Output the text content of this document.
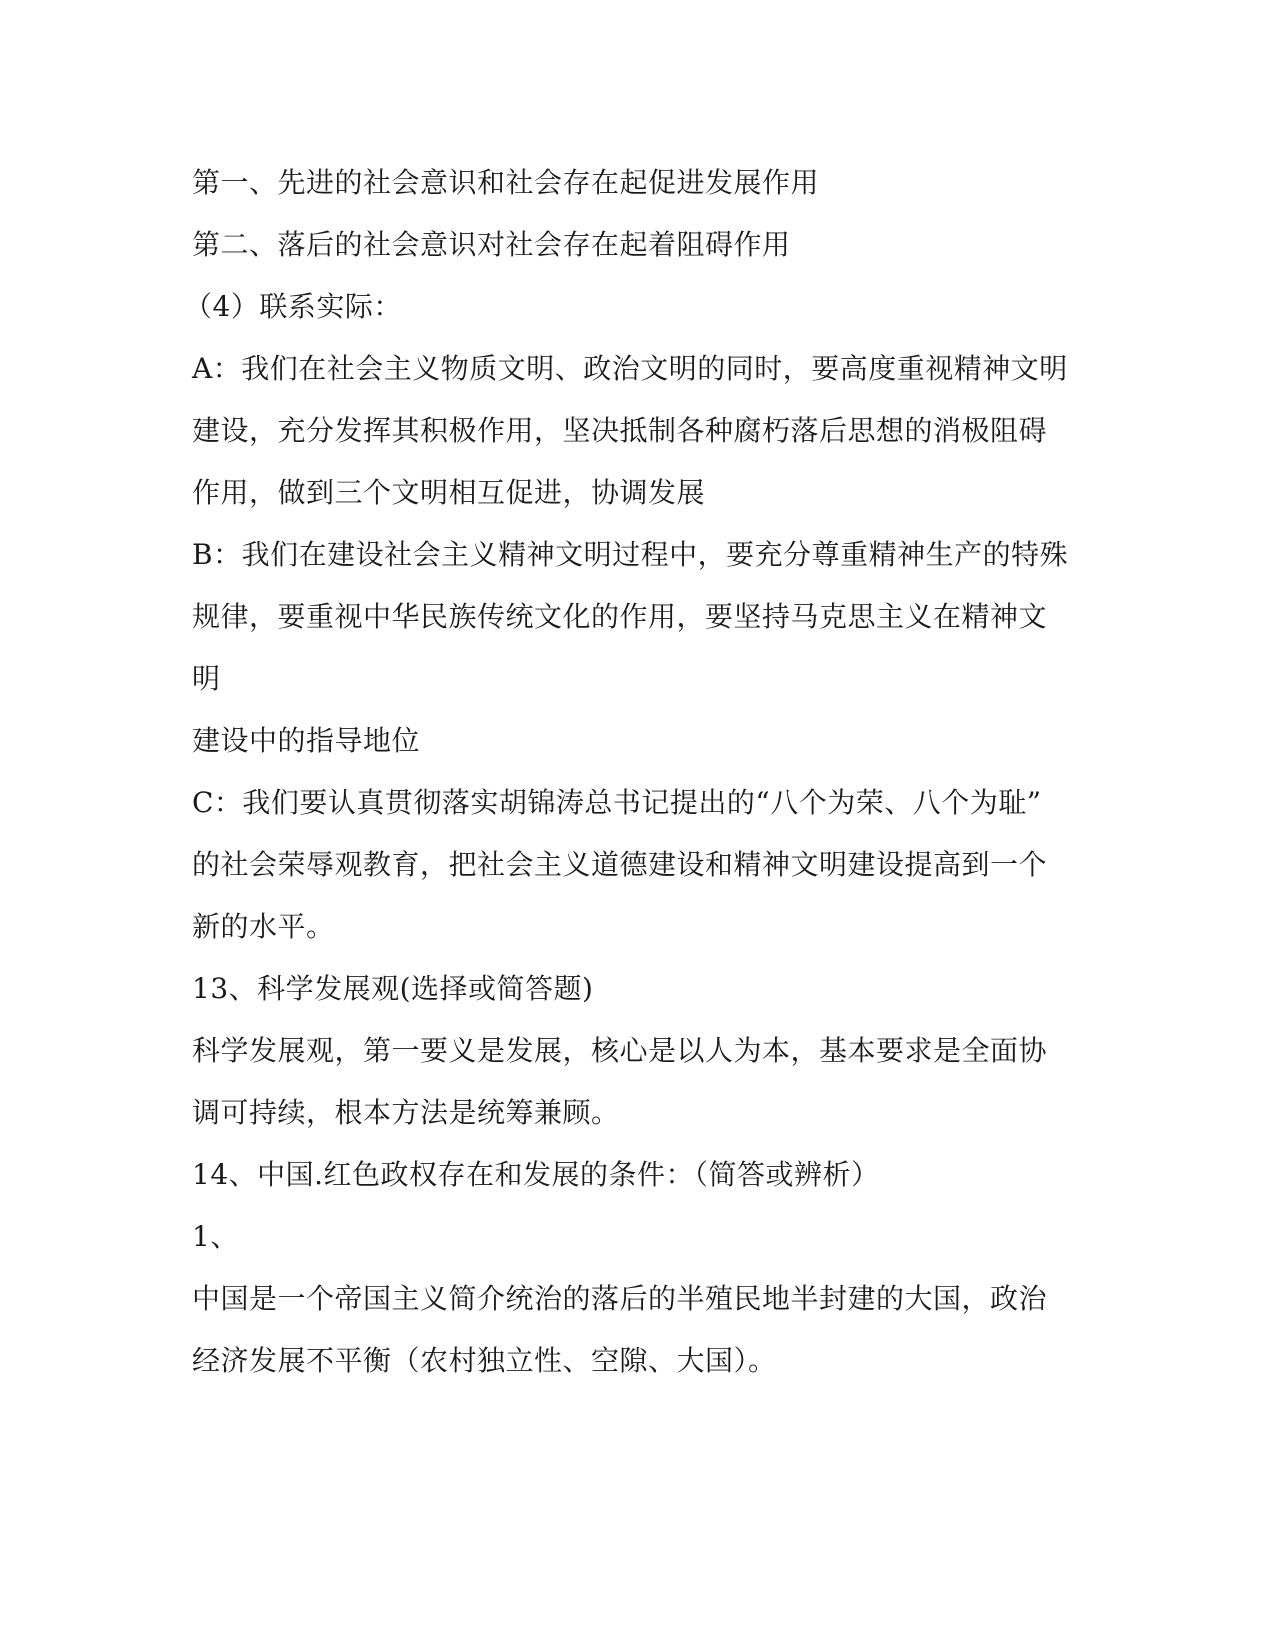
第一、先进的社会意识和社会存在起促进发展作用

第二、落后的社会意识对社会存在起着阻碍作用

（4）联系实际：

A：我们在社会主义物质文明、政治文明的同时，要高度重视精神文明

建设，充分发挥其积极作用，坚决抵制各种腐朽落后思想的消极阻碍

作用，做到三个文明相互促进，协调发展

B：我们在建设社会主义精神文明过程中，要充分尊重精神生产的特殊

规律，要重视中华民族传统文化的作用，要坚持马克思主义在精神文

明

建设中的指导地位

C：我们要认真贯彻落实胡锦涛总书记提出的“八个为荣、八个为耻”

的社会荣辱观教育，把社会主义道德建设和精神文明建设提高到一个

新的水平。

13、科学发展观(选择或简答题)

科学发展观，第一要义是发展，核心是以人为本，基本要求是全面协

调可持续，根本方法是统筹兼顾。

14、中国.红色政权存在和发展的条件：（简答或辨析）

1、

中国是一个帝国主义简介统治的落后的半殖民地半封建的大国，政治

经济发展不平衡（农村独立性、空隙、大国）。
